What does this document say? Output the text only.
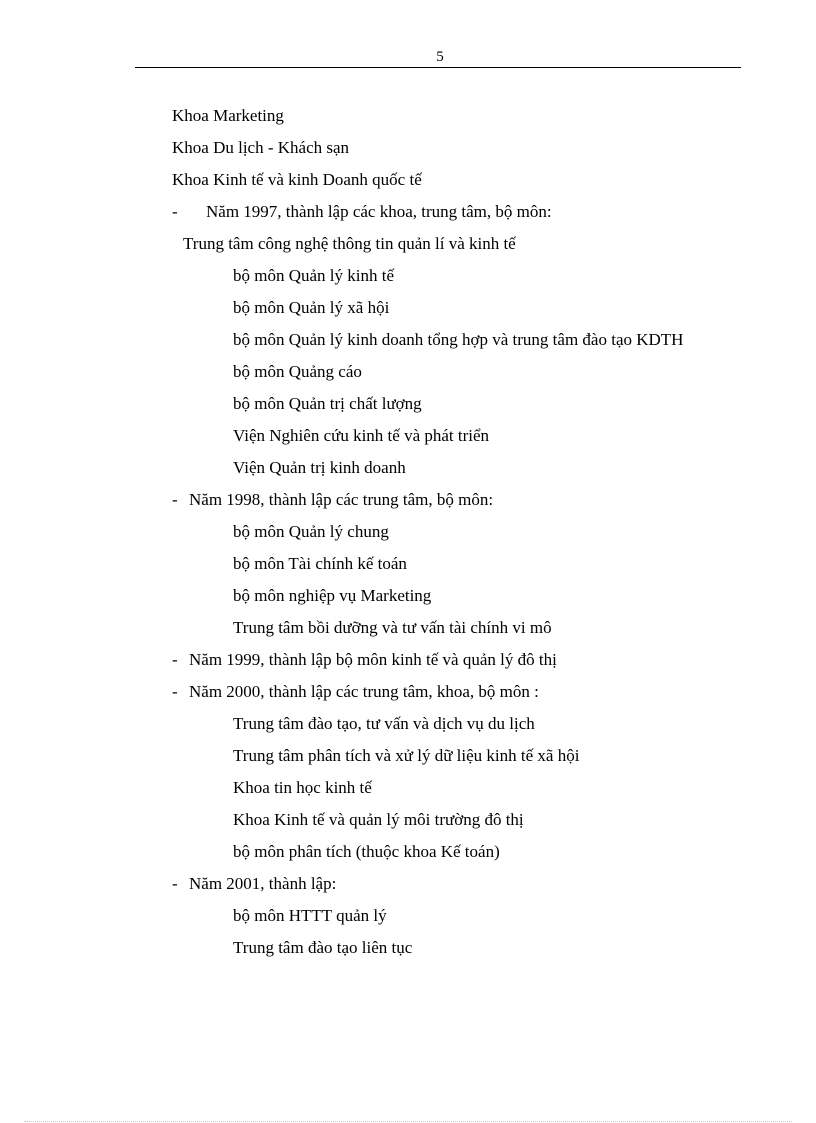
5
Khoa Marketing
Khoa Du lịch - Khách sạn
Khoa Kinh tế và kinh Doanh quốc tế
- Năm 1997, thành lập các khoa, trung tâm, bộ môn:
Trung tâm công nghệ thông tin quản lí và kinh tế
bộ môn Quản lý kinh tế
bộ môn Quản lý xã hội
bộ môn Quản lý kinh doanh tổng hợp và trung tâm đào tạo KDTH
bộ môn Quảng cáo
bộ môn Quản trị chất lượng
Viện Nghiên cứu kinh tế và phát triển
Viện Quản trị kinh doanh
- Năm 1998, thành lập các trung tâm, bộ môn:
bộ môn Quản lý chung
bộ môn Tài chính kế toán
bộ môn nghiệp vụ Marketing
Trung tâm bồi dưỡng và tư vấn tài chính vi mô
- Năm 1999, thành lập bộ môn kinh tế và quản lý đô thị
- Năm 2000, thành lập các trung tâm, khoa, bộ môn :
Trung tâm đào tạo, tư vấn và dịch vụ du lịch
Trung tâm phân tích và xử lý dữ liệu kinh tế xã hội
Khoa tin học kinh tế
Khoa Kinh tế và quản lý môi trường đô thị
bộ môn phân tích (thuộc khoa Kế toán)
- Năm 2001, thành lập:
bộ môn HTTT quản lý
Trung tâm đào tạo liên tục
